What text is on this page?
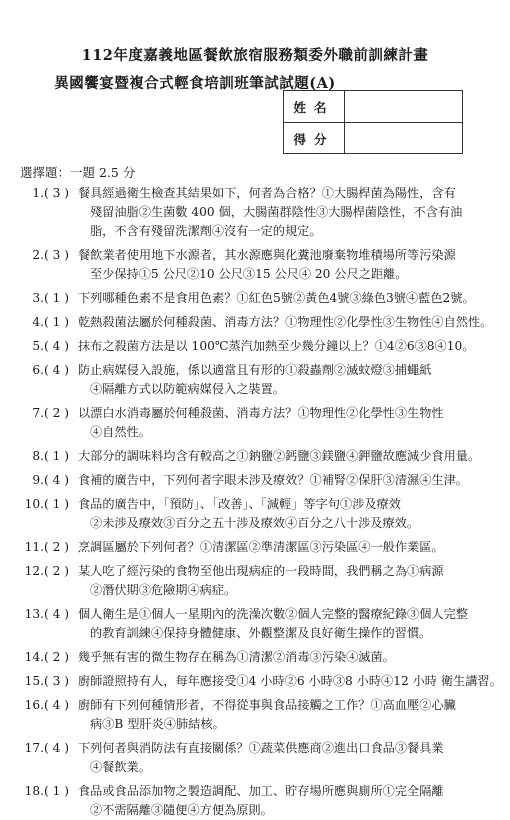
112年度嘉義地區餐飲旅宿服務類委外職前訓練計畫
異國饗宴暨複合式輕食培訓班筆試試題(A)
姓名
得分
選擇題：一題 2.5 分
1. ( 3 ) 餐具經過衛生檢查其結果如下，何者為合格？①大腸桿菌為陽性，含有
殘留油脂②生菌數 400 個，大腸菌群陰性③大腸桿菌陰性，不含有油
脂，不含有殘留洗潔劑④沒有一定的規定。
2. ( 3 ) 餐飲業者使用地下水源者，其水源應與化糞池廢棄物堆積場所等污染源
至少保持①5 公尺②10 公尺③15 公尺④ 20 公尺之距離。
3. ( 1 ) 下列哪種色素不是食用色素？①紅色5號②黃色4號③綠色3號④藍色2號。
4. ( 1 ) 乾熱殺菌法屬於何種殺菌、消毒方法？①物理性②化學性③生物性④自然性。
5. ( 4 ) 抹布之殺菌方法是以 100℃蒸汽加熱至少幾分鐘以上？①4②6③8④10。
6. ( 4 ) 防止病媒侵入設施，係以適當且有形的①殺蟲劑②滅蚊燈③捕蠅紙
④隔離方式以防範病媒侵入之裝置。
7. ( 2 ) 以漂白水消毒屬於何種殺菌、消毒方法？①物理性②化學性③生物性
④自然性。
8. ( 1 ) 大部分的調味料均含有較高之①鈉鹽②鈣鹽③鎂鹽④鉀鹽故應減少食用量。
9. ( 4 ) 食補的廣告中，下列何者字眼未涉及療效？①補腎②保肝③清濕④生津。
10. ( 1 ) 食品的廣告中，「預防」、「改善」、「減輕」等字句①涉及療效
②未涉及療效③百分之五十涉及療效④百分之八十涉及療效。
11. ( 2 ) 烹調區屬於下列何者？①清潔區②準清潔區③污染區④一般作業區。
12. ( 2 ) 某人吃了經污染的食物至他出現病症的一段時間，我們稱之為①病源
②潛伏期③危險期④病症。
13. ( 4 ) 個人衛生是①個人一星期內的洗澡次數②個人完整的醫療紀錄③個人完整
的教育訓練④保持身體健康、外觀整潔及良好衛生操作的習慣。
14. ( 2 ) 幾乎無有害的微生物存在稱為①清潔②消毒③污染④滅菌。
15. ( 3 ) 廚師證照持有人，每年應接受①4 小時②6 小時③8 小時④12 小時 衛生講習。
16. ( 4 ) 廚師有下列何種情形者，不得從事與食品接觸之工作？①高血壓②心臟
病③B 型肝炎④肺結核。
17. ( 4 ) 下列何者與消防法有直接關係？①蔬菜供應商②進出口食品③餐具業
④餐飲業。
18. ( 1 ) 食品或食品添加物之製造調配、加工、貯存場所應與廁所①完全隔離
②不需隔離③隨便④方便為原則。
